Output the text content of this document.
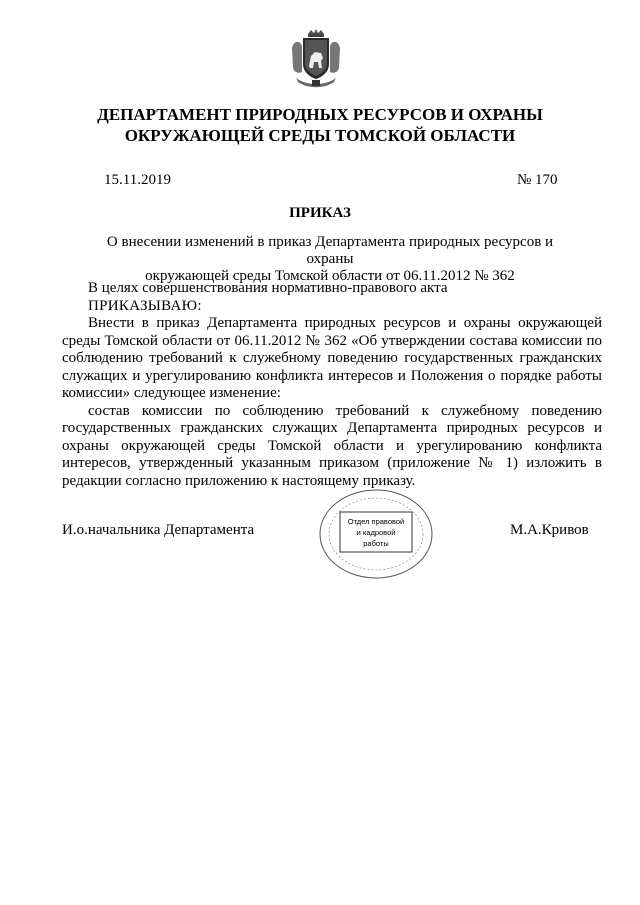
ДЕПАРТАМЕНТ ПРИРОДНЫХ РЕСУРСОВ И ОХРАНЫ
ОКРУЖАЮЩЕЙ СРЕДЫ ТОМСКОЙ ОБЛАСТИ
15.11.2019	№ 170
ПРИКАЗ
О внесении изменений в приказ Департамента природных ресурсов и охраны
окружающей среды Томской области от 06.11.2012 № 362

В целях совершенствования нормативно-правового акта

ПРИКАЗЫВАЮ:

Внести в приказ Департамента природных ресурсов и охраны окружающей среды Томской области от 06.11.2012 № 362 «Об утверждении состава комиссии по соблюдению требований к служебному поведению государственных гражданских служащих и урегулированию конфликта интересов и Положения о порядке работы комиссии» следующее изменение:

состав комиссии по соблюдению требований к служебному поведению государственных гражданских служащих Департамента природных ресурсов и охраны окружающей среды Томской области и урегулированию конфликта интересов, утвержденный указанным приказом (приложение № 1) изложить в редакции согласно приложению к настоящему приказу.

И.о.начальника Департамента
Отдел правовой
и кадровой
работы
М.А.Кривов
